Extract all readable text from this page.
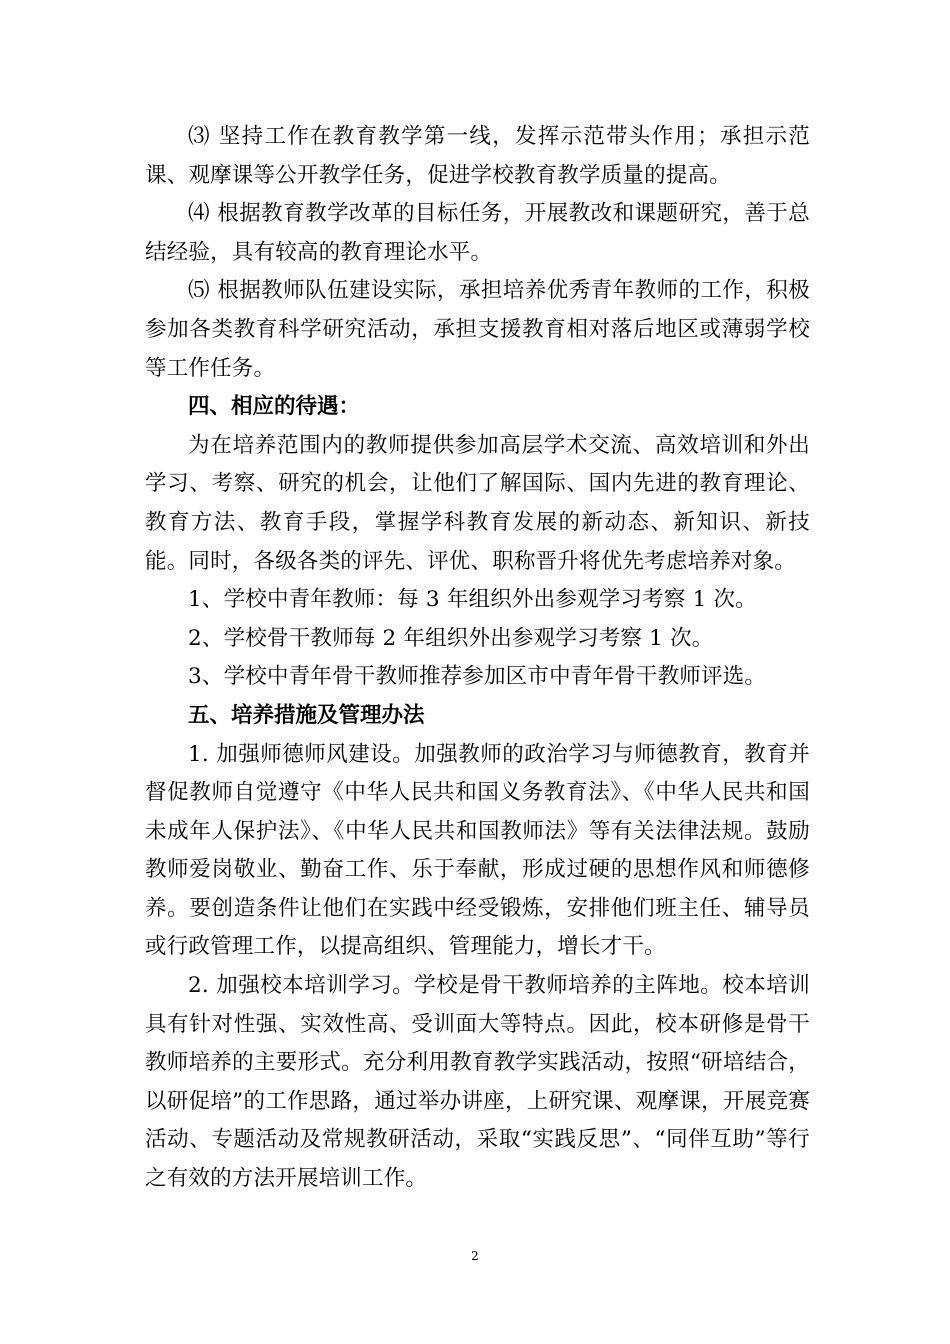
⑶ 坚持工作在教育教学第一线，发挥示范带头作用；承担示范课、观摩课等公开教学任务，促进学校教育教学质量的提高。

⑷ 根据教育教学改革的目标任务，开展教改和课题研究，善于总结经验，具有较高的教育理论水平。

⑸ 根据教师队伍建设实际，承担培养优秀青年教师的工作，积极参加各类教育科学研究活动，承担支援教育相对落后地区或薄弱学校等工作任务。

四、相应的待遇：

为在培养范围内的教师提供参加高层学术交流、高效培训和外出学习、考察、研究的机会，让他们了解国际、国内先进的教育理论、教育方法、教育手段，掌握学科教育发展的新动态、新知识、新技能。同时，各级各类的评先、评优、职称晋升将优先考虑培养对象。

1、学校中青年教师：每 3 年组织外出参观学习考察 1 次。

2、学校骨干教师每 2 年组织外出参观学习考察 1 次。

3、学校中青年骨干教师推荐参加区市中青年骨干教师评选。

五、培养措施及管理办法

1. 加强师德师风建设。加强教师的政治学习与师德教育，教育并督促教师自觉遵守《中华人民共和国义务教育法》、《中华人民共和国未成年人保护法》、《中华人民共和国教师法》等有关法律法规。鼓励教师爱岗敬业、勤奋工作、乐于奉献，形成过硬的思想作风和师德修养。要创造条件让他们在实践中经受锻炼，安排他们班主任、辅导员或行政管理工作，以提高组织、管理能力，增长才干。

2. 加强校本培训学习。学校是骨干教师培养的主阵地。校本培训具有针对性强、实效性高、受训面大等特点。因此，校本研修是骨干教师培养的主要形式。充分利用教育教学实践活动，按照“研培结合，以研促培”的工作思路，通过举办讲座，上研究课、观摩课，开展竞赛活动、专题活动及常规教研活动，采取“实践反思”、“同伴互助”等行之有效的方法开展培训工作。

2
